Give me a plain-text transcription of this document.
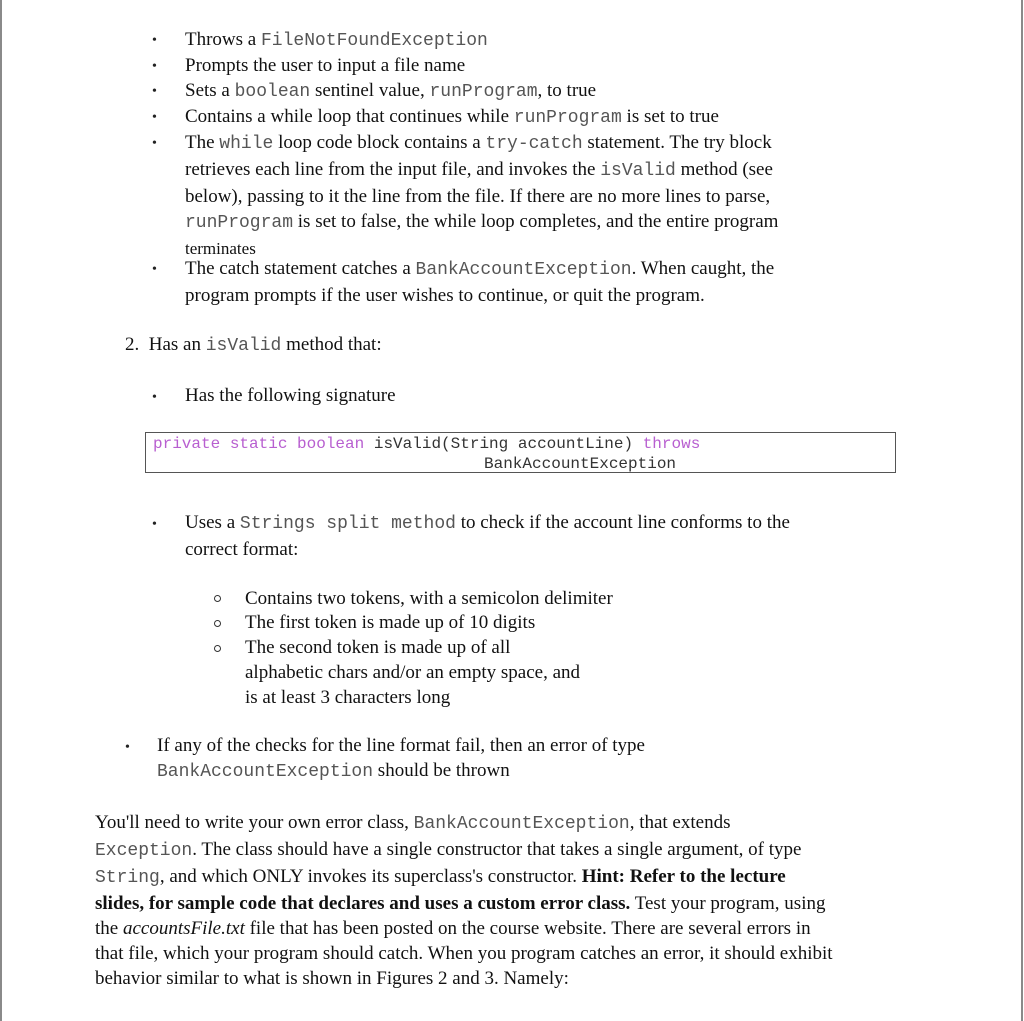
• Throws a FileNotFoundException
• Prompts the user to input a file name
• Sets a boolean sentinel value, runProgram, to true
• Contains a while loop that continues while runProgram is set to true
• The while loop code block contains a try-catch statement. The try block
retrieves each line from the input file, and invokes the isValid method (see
below), passing to it the line from the file. If there are no more lines to parse,
runProgram is set to false, the while loop completes, and the entire program
terminates
• The catch statement catches a BankAccountException. When caught, the
program prompts if the user wishes to continue, or quit the program.
2. Has an isValid method that:
• Has the following signature
private static boolean isValid(String accountLine) throws
BankAccountException
• Uses a Strings split method to check if the account line conforms to the
correct format:
Contains two tokens, with a semicolon delimiter
The first token is made up of 10 digits
The second token is made up of all
alphabetic chars and/or an empty space, and
is at least 3 characters long
• If any of the checks for the line format fail, then an error of type
BankAccountException should be thrown
You'll need to write your own error class, BankAccountException, that extends
Exception. The class should have a single constructor that takes a single argument, of type
String, and which ONLY invokes its superclass's constructor. Hint: Refer to the lecture
slides, for sample code that declares and uses a custom error class. Test your program, using
the accountsFile.txt file that has been posted on the course website. There are several errors in
that file, which your program should catch. When you program catches an error, it should exhibit
behavior similar to what is shown in Figures 2 and 3. Namely:
